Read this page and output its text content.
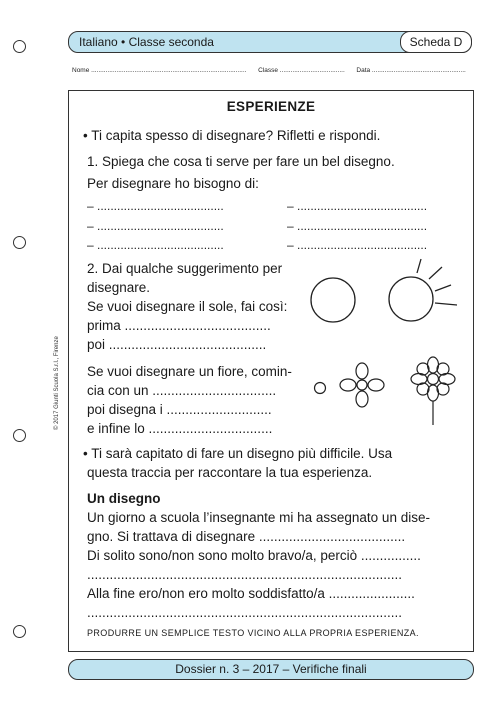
Italiano • Classe seconda	Scheda D
Nome ...................................................................................... Classe .................................... Data ....................................................
© 2017 Giunti Scuola S.r.l., Firenze
ESPERIENZE
• Ti capita spesso di disegnare? Rifletti e rispondi.
1. Spiega che cosa ti serve per fare un bel disegno.
Per disegnare ho bisogno di:
– ......................................	– .......................................
– ......................................	– .......................................
– ......................................	– .......................................
2. Dai qualche suggerimento per
disegnare.
Se vuoi disegnare il sole, fai così:
prima .......................................
poi ..........................................
Se vuoi disegnare un fiore, comin-
cia con un .................................
poi disegna i ............................
e infine lo .................................
• Ti sarà capitato di fare un disegno più difficile. Usa
questa traccia per raccontare la tua esperienza.
Un disegno
Un giorno a scuola l’insegnante mi ha assegnato un dise-
gno. Si trattava di disegnare .......................................
Di solito sono/non sono molto bravo/a, perciò ................
....................................................................................
Alla fine ero/non ero molto soddisfatto/a .......................
....................................................................................
PRODURRE UN SEMPLICE TESTO VICINO ALLA PROPRIA ESPERIENZA.
Dossier n. 3 – 2017 – Verifiche finali
